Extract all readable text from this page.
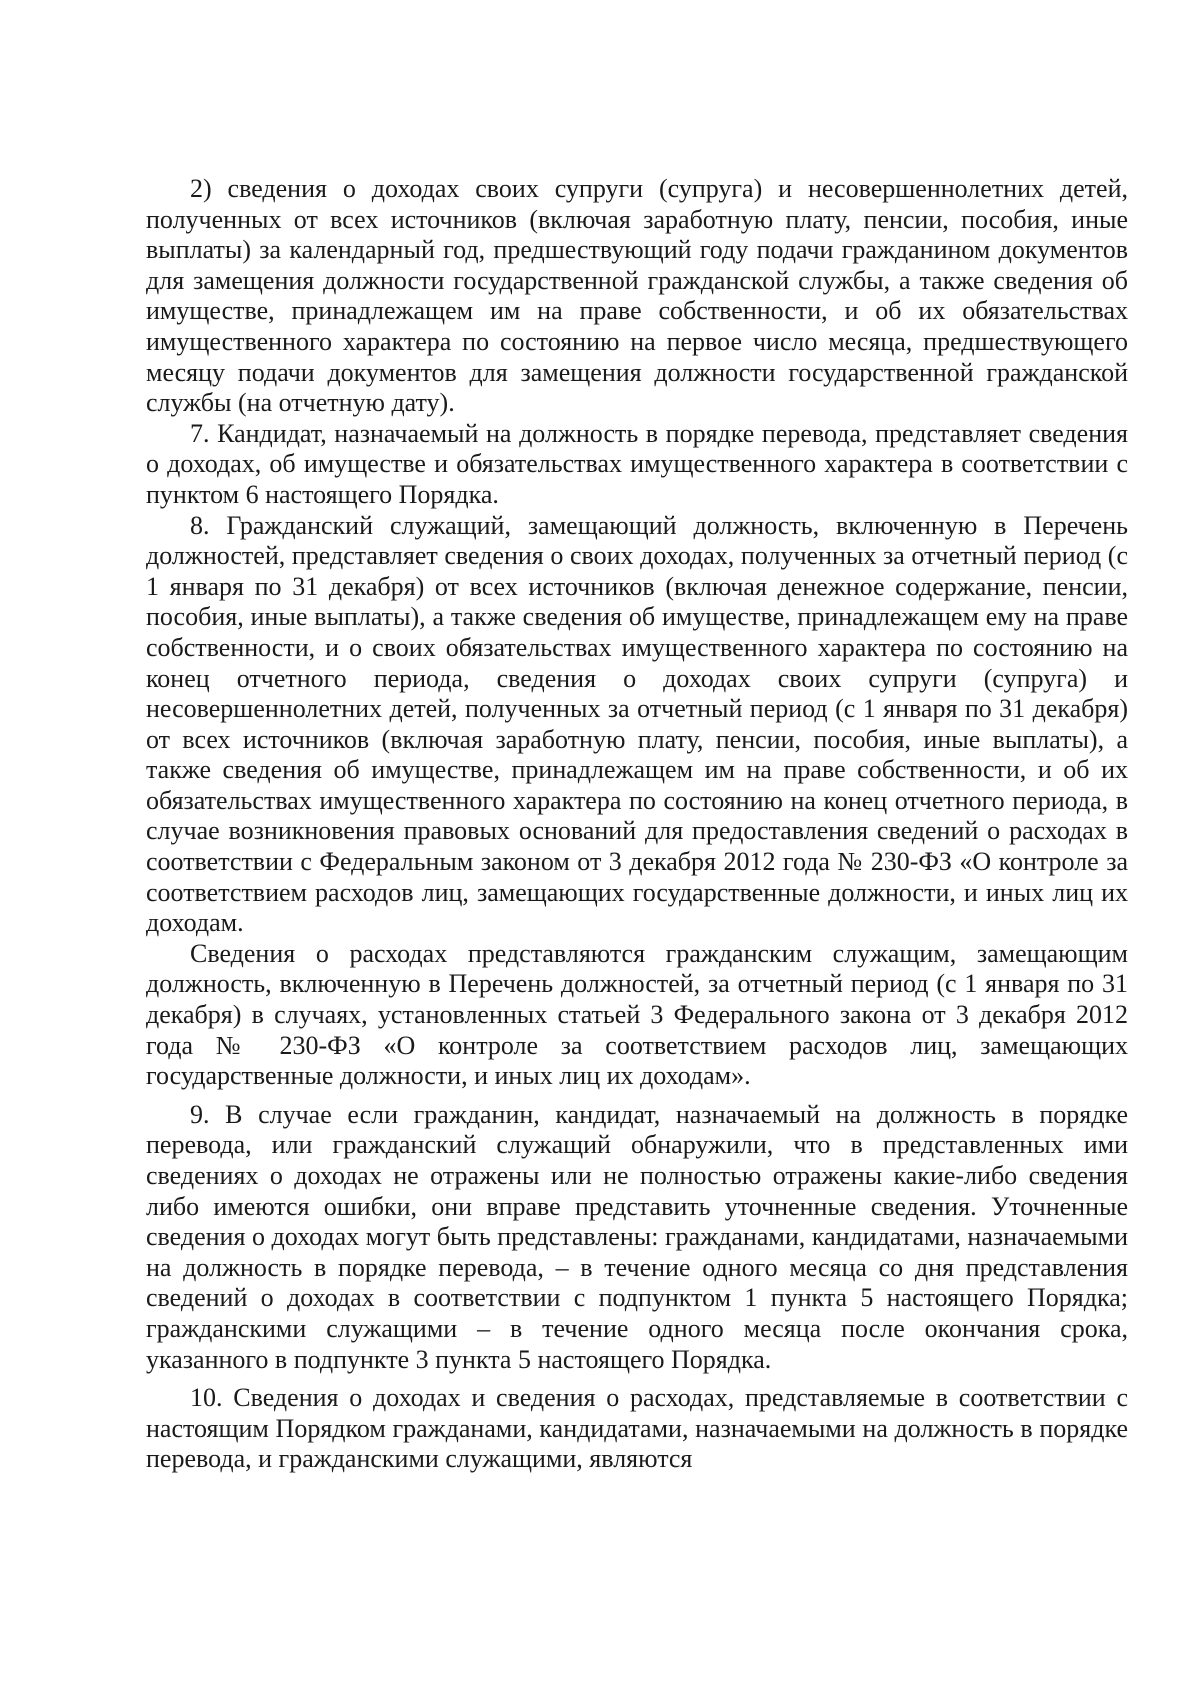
2) сведения о доходах своих супруги (супруга) и несовершеннолетних детей, полученных от всех источников (включая заработную плату, пенсии, пособия, иные выплаты) за календарный год, предшествующий году подачи гражданином документов для замещения должности государственной гражданской службы, а также сведения об имуществе, принадлежащем им на праве собственности, и об их обязательствах имущественного характера по состоянию на первое число месяца, предшествующего месяцу подачи документов для замещения должности государственной гражданской службы (на отчетную дату).

7. Кандидат, назначаемый на должность в порядке перевода, представляет сведения о доходах, об имуществе и обязательствах имущественного характера в соответствии с пунктом 6 настоящего Порядка.

8. Гражданский служащий, замещающий должность, включенную в Перечень должностей, представляет сведения о своих доходах, полученных за отчетный период (с 1 января по 31 декабря) от всех источников (включая денежное содержание, пенсии, пособия, иные выплаты), а также сведения об имуществе, принадлежащем ему на праве собственности, и о своих обязательствах имущественного характера по состоянию на конец отчетного периода, сведения о доходах своих супруги (супруга) и несовершеннолетних детей, полученных за отчетный период (с 1 января по 31 декабря) от всех источников (включая заработную плату, пенсии, пособия, иные выплаты), а также сведения об имуществе, принадлежащем им на праве собственности, и об их обязательствах имущественного характера по состоянию на конец отчетного периода, в случае возникновения правовых оснований для предоставления сведений о расходах в соответствии с Федеральным законом от 3 декабря 2012 года № 230-ФЗ «О контроле за соответствием расходов лиц, замещающих государственные должности, и иных лиц их доходам.

Сведения о расходах представляются гражданским служащим, замещающим должность, включенную в Перечень должностей, за отчетный период (с 1 января по 31 декабря) в случаях, установленных статьей 3 Федерального закона от 3 декабря 2012 года № 230-ФЗ «О контроле за соответствием расходов лиц, замещающих государственные должности, и иных лиц их доходам».

9. В случае если гражданин, кандидат, назначаемый на должность в порядке перевода, или гражданский служащий обнаружили, что в представленных ими сведениях о доходах не отражены или не полностью отражены какие-либо сведения либо имеются ошибки, они вправе представить уточненные сведения. Уточненные сведения о доходах могут быть представлены: гражданами, кандидатами, назначаемыми на должность в порядке перевода, – в течение одного месяца со дня представления сведений о доходах в соответствии с подпунктом 1 пункта 5 настоящего Порядка; гражданскими служащими – в течение одного месяца после окончания срока, указанного в подпункте 3 пункта 5 настоящего Порядка.

10. Сведения о доходах и сведения о расходах, представляемые в соответствии с настоящим Порядком гражданами, кандидатами, назначаемыми на должность в порядке перевода, и гражданскими служащими, являются
